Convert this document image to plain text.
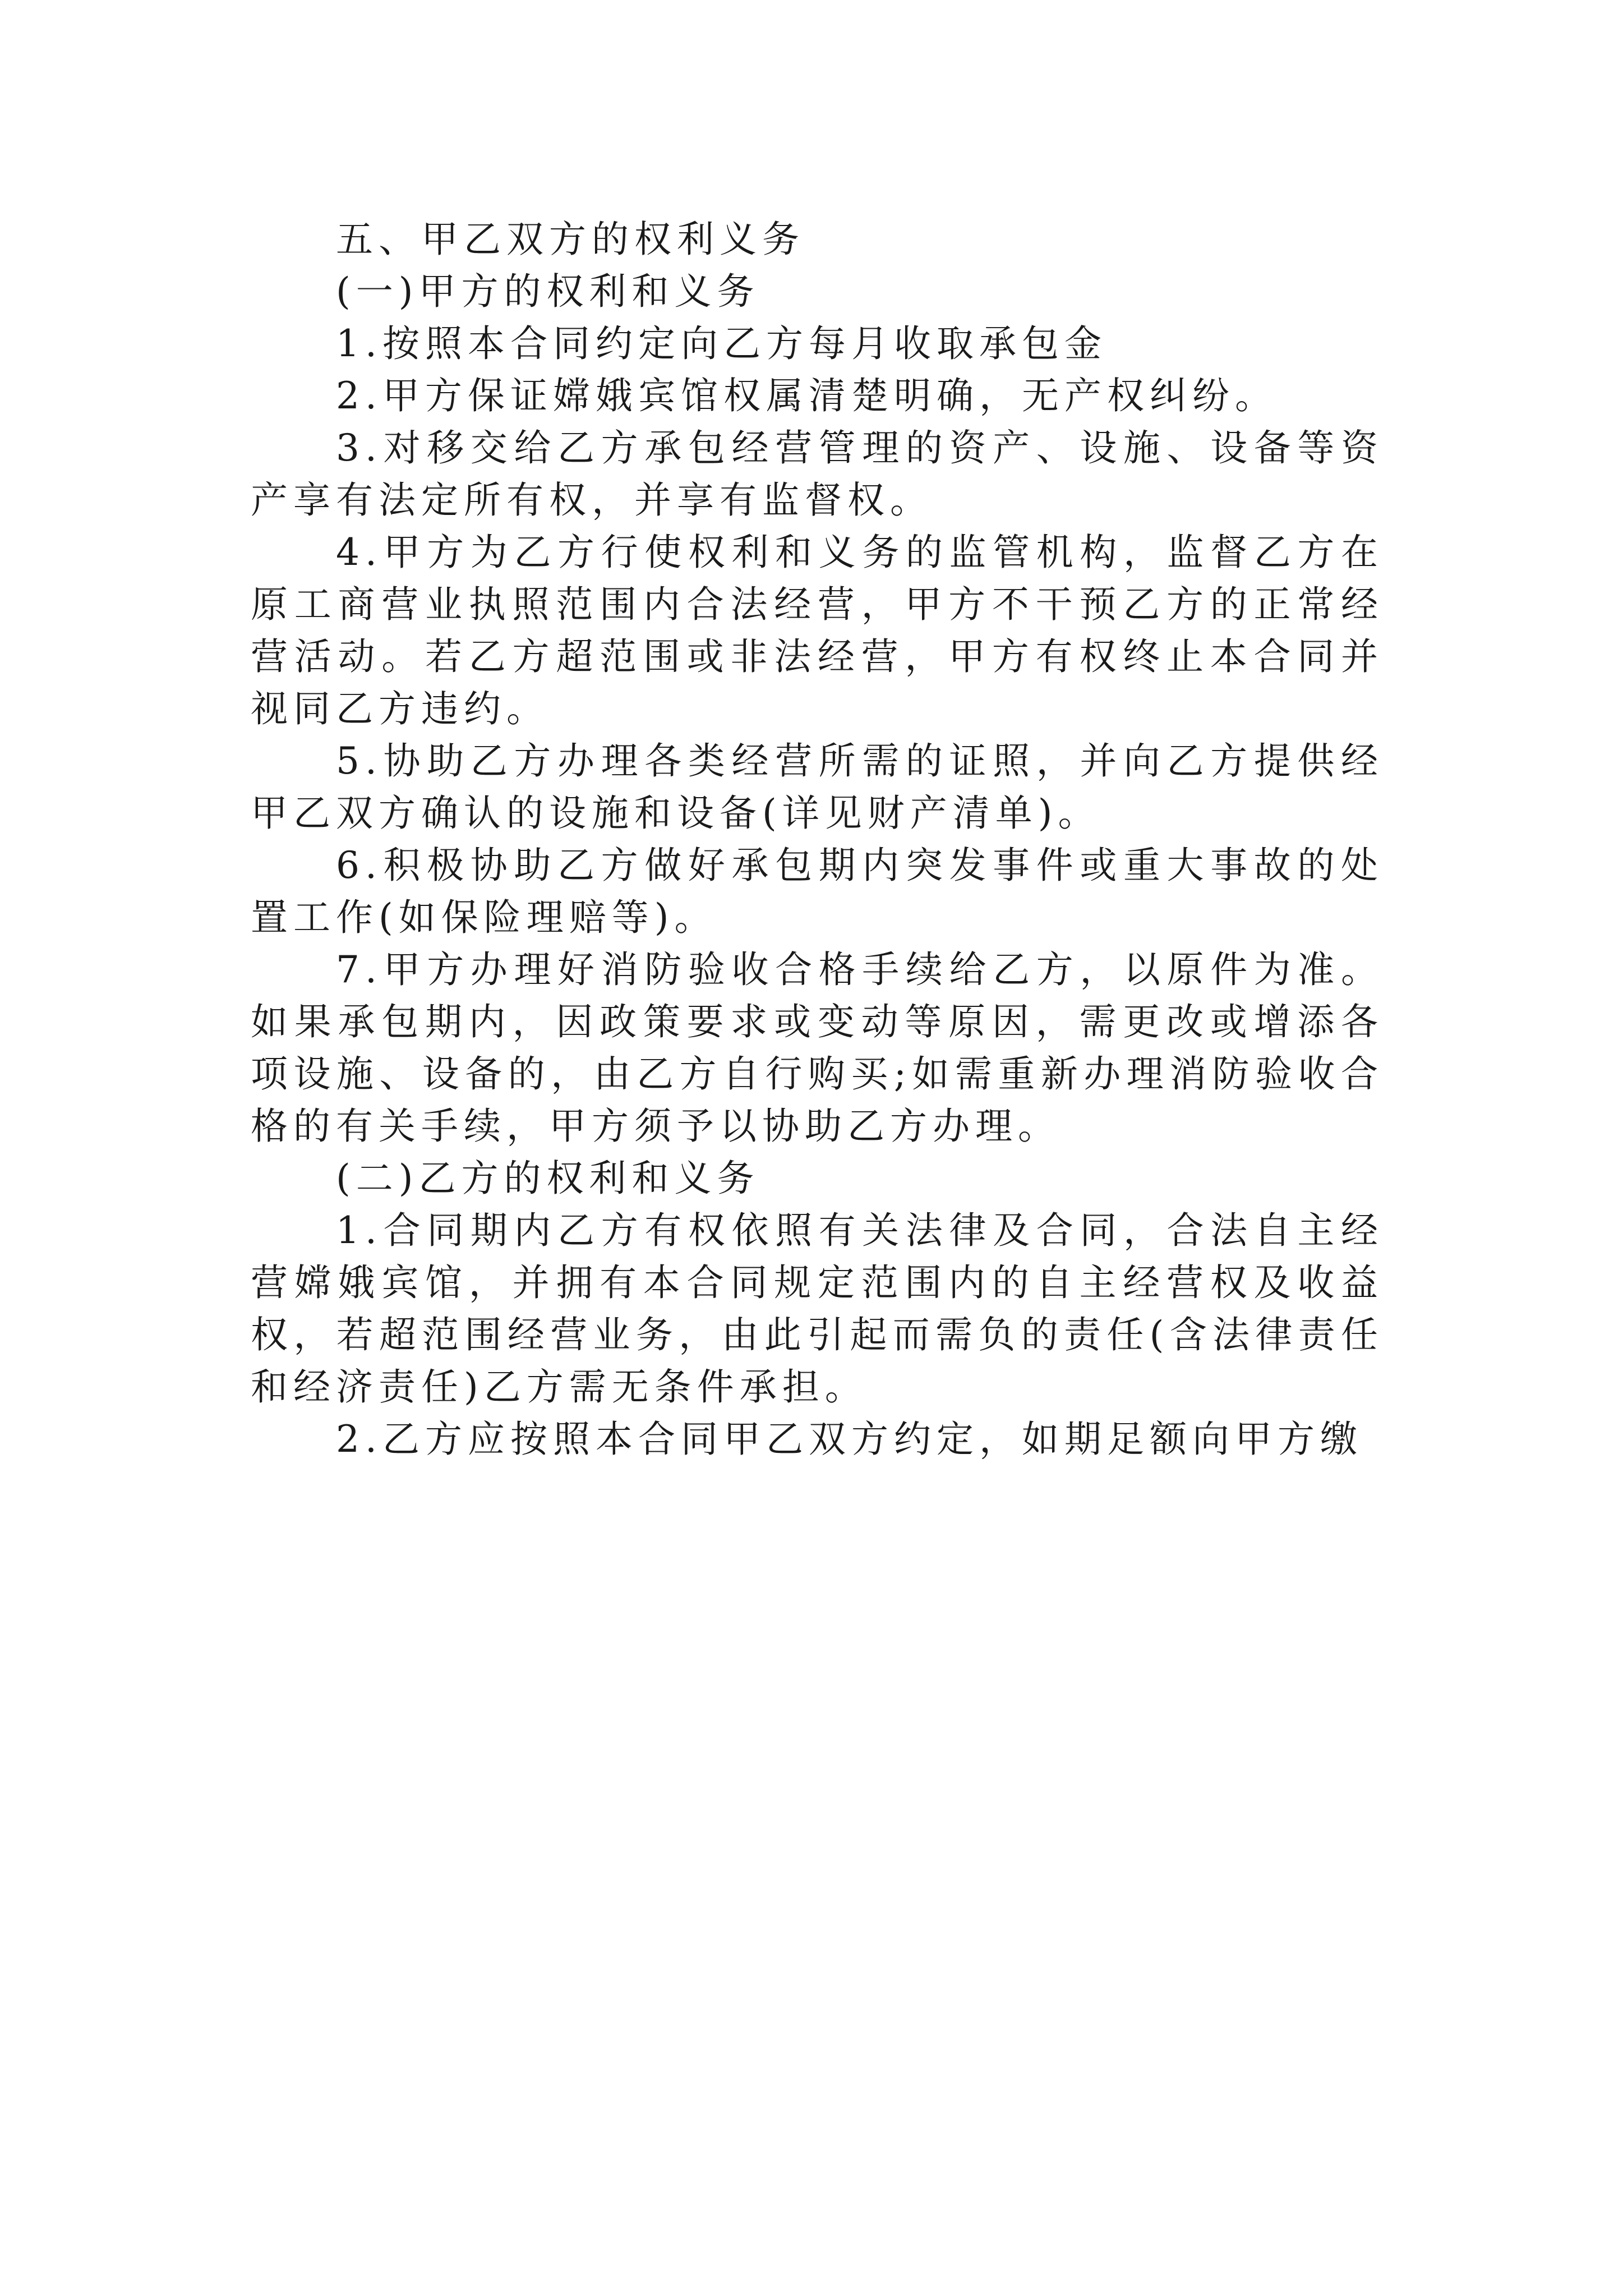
五、甲乙双方的权利义务

(一)甲方的权利和义务

1.按照本合同约定向乙方每月收取承包金

2.甲方保证嫦娥宾馆权属清楚明确，无产权纠纷。

3.对移交给乙方承包经营管理的资产、设施、设备等资产享有法定所有权，并享有监督权。

4.甲方为乙方行使权利和义务的监管机构，监督乙方在原工商营业执照范围内合法经营，甲方不干预乙方的正常经营活动。若乙方超范围或非法经营，甲方有权终止本合同并视同乙方违约。

5.协助乙方办理各类经营所需的证照，并向乙方提供经甲乙双方确认的设施和设备(详见财产清单)。

6.积极协助乙方做好承包期内突发事件或重大事故的处置工作(如保险理赔等)。

7.甲方办理好消防验收合格手续给乙方，以原件为准。如果承包期内，因政策要求或变动等原因，需更改或增添各项设施、设备的，由乙方自行购买;如需重新办理消防验收合格的有关手续，甲方须予以协助乙方办理。

(二)乙方的权利和义务

1.合同期内乙方有权依照有关法律及合同，合法自主经营嫦娥宾馆，并拥有本合同规定范围内的自主经营权及收益权，若超范围经营业务，由此引起而需负的责任(含法律责任和经济责任)乙方需无条件承担。

2.乙方应按照本合同甲乙双方约定，如期足额向甲方缴
